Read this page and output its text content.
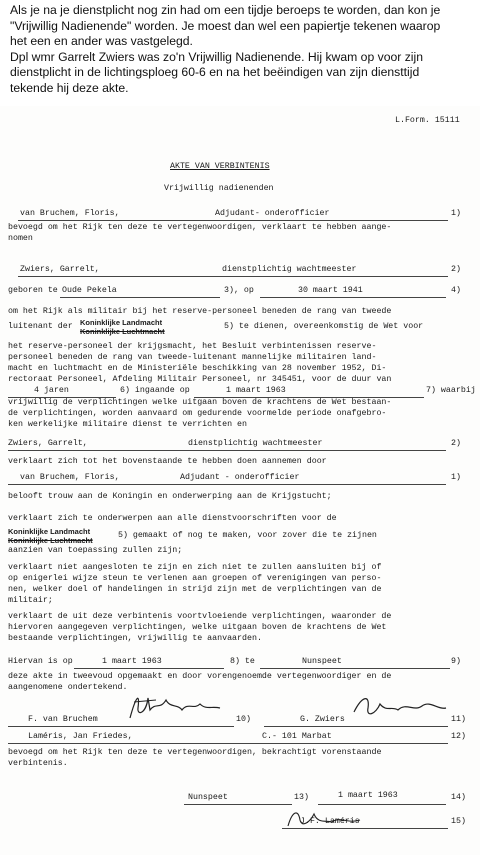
Als je na je dienstplicht nog zin had om een tijdje beroeps te worden, dan kon je
"Vrijwillig Nadienende" worden. Je moest dan wel een papiertje tekenen waarop
het een en ander was vastgelegd.
Dpl wmr Garrelt Zwiers was zo'n Vrijwillig Nadienende. Hij kwam op voor zijn
dienstplicht in de lichtingsploeg 60-6 en na het beëindigen van zijn diensttijd
tekende hij deze akte.
L.Form. 15111
AKTE VAN VERBINTENIS
Vrijwillig nadienenden
van Bruchem, Floris,	Adjudant- onderofficier	1)
bevoegd om het Rijk ten deze te vertegenwoordigen, verklaart te hebben aange-
nomen
Zwiers, Garrelt,	dienstplichtig wachtmeester	2)
geboren te Oude Pekela	3), op	30 maart 1941	4)
om het Rijk als militair bij het reserve-personeel beneden de rang van tweede
luitenant der Koninklijke Landmacht
Koninklijke Luchtmacht
5) te dienen, overeenkomstig de Wet voor
het reserve-personeel der krijgsmacht, het Besluit verbintenissen reserve-
personeel beneden de rang van tweede-luitenant mannelijke militairen land-
macht en luchtmacht en de Ministeriële beschikking van 28 november 1952, Di-
rectoraat Personeel, Afdeling Militair Personeel, nr 345451, voor de duur van
4 jaren	6) ingaande op	1 maart 1963	7) waarbij
vrijwillig de verplichtingen welke uitgaan boven de krachtens de Wet bestaan-
de verplichtingen, worden aanvaard om gedurende voormelde periode onafgebro-
ken werkelijke militaire dienst te verrichten en
Zwiers, Garrelt,	dienstplichtig wachtmeester	2)
verklaart zich tot het bovenstaande te hebben doen aannemen door
van Bruchem, Floris,	Adjudant - onderofficier	1)
belooft trouw aan de Koningin en onderwerping aan de Krijgstucht;
verklaart zich te onderwerpen aan alle dienstvoorschriften voor de
Koninklijke Landmacht
Koninklijke Luchtmacht
5) gemaakt of nog te maken, voor zover die te zijnen
aanzien van toepassing zullen zijn;
verklaart niet aangesloten te zijn en zich niet te zullen aansluiten bij of
op enigerlei wijze steun te verlenen aan groepen of verenigingen van perso-
nen, welker doel of handelingen in strijd zijn met de verplichtingen van de
militair;
verklaart de uit deze verbintenis voortvloeiende verplichtingen, waaronder de
hiervoren aangegeven verplichtingen, welke uitgaan boven de krachtens de Wet
bestaande verplichtingen, vrijwillig te aanvaarden.
Hiervan is op	1 maart 1963	8) te	Nunspeet	9)
deze akte in tweevoud opgemaakt en door vorengenoemde vertegenwoordiger en de
aangenomene ondertekend.
F. van Bruchem	10)	G. Zwiers	11)
Laméris, Jan Friedes,	C.- 101 Marbat	12)
bevoegd om het Rijk ten deze te vertegenwoordigen, bekrachtigt vorenstaande
verbintenis.
Nunspeet	13)	1 maart 1963	14)
J.F. Laméris	15)
